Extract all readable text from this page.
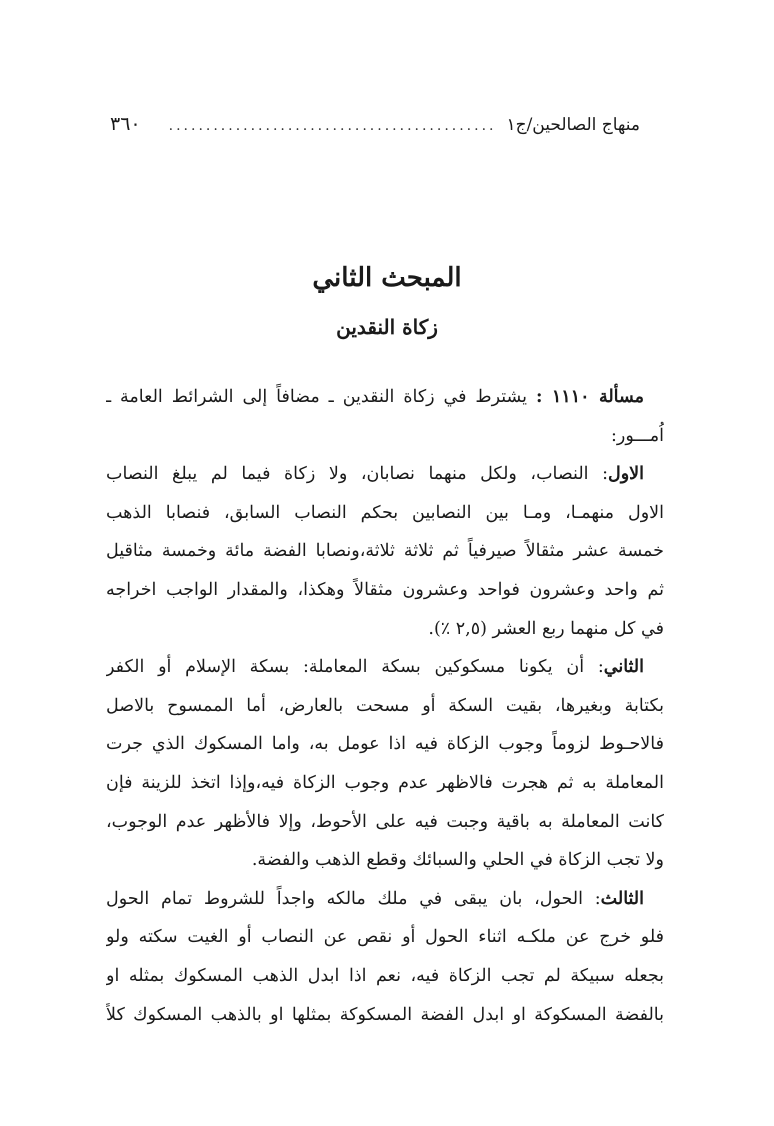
منهاج الصالحين/ج١
............................................
٣٦٠
المبحث الثاني
زكاة النقدين
مسألة ١١١٠ : يشترط في زكاة النقدين ـ مضافاً إلى الشرائط العامة ـ
اُمـــور:
الاول: النصاب، ولكل منهما نصابان، ولا زكاة فيما لم يبلغ النصاب
الاول منهمـا، ومـا بين النصابين بحكم النصاب السابق، فنصابا الذهب
خمسة عشر مثقالاً صيرفياً ثم ثلاثة ثلاثة،ونصابا الفضة مائة وخمسة مثاقيل
ثم واحد وعشرون فواحد وعشرون مثقالاً وهكذا، والمقدار الواجب اخراجه
في كل منهما ربع العشر (٢,٥ ٪).
الثاني: أن يكونا مسكوكين بسكة المعاملة: بسكة الإسلام أو الكفر
بكتابة وبغيرها، بقيت السكة أو مسحت بالعارض، أما الممسوح بالاصل
فالاحـوط لزوماً وجوب الزكاة فيه اذا عومل به، واما المسكوك الذي جرت
المعاملة به ثم هجرت فالاظهر عدم وجوب الزكاة فيه،وإذا اتخذ للزينة فإن
كانت المعاملة به باقية وجبت فيه على الأحوط، وإلا فالأظهر عدم الوجوب،
ولا تجب الزكاة في الحلي والسبائك وقطع الذهب والفضة.
الثالث: الحول، بان يبقى في ملك مالكه واجداً للشروط تمام الحول
فلو خرج عن ملكـه اثناء الحول أو نقص عن النصاب أو الغيت سكته ولو
بجعله سبيكة لم تجب الزكاة فيه، نعم اذا ابدل الذهب المسكوك بمثله او
بالفضة المسكوكة او ابدل الفضة المسكوكة بمثلها او بالذهب المسكوك كلاً
